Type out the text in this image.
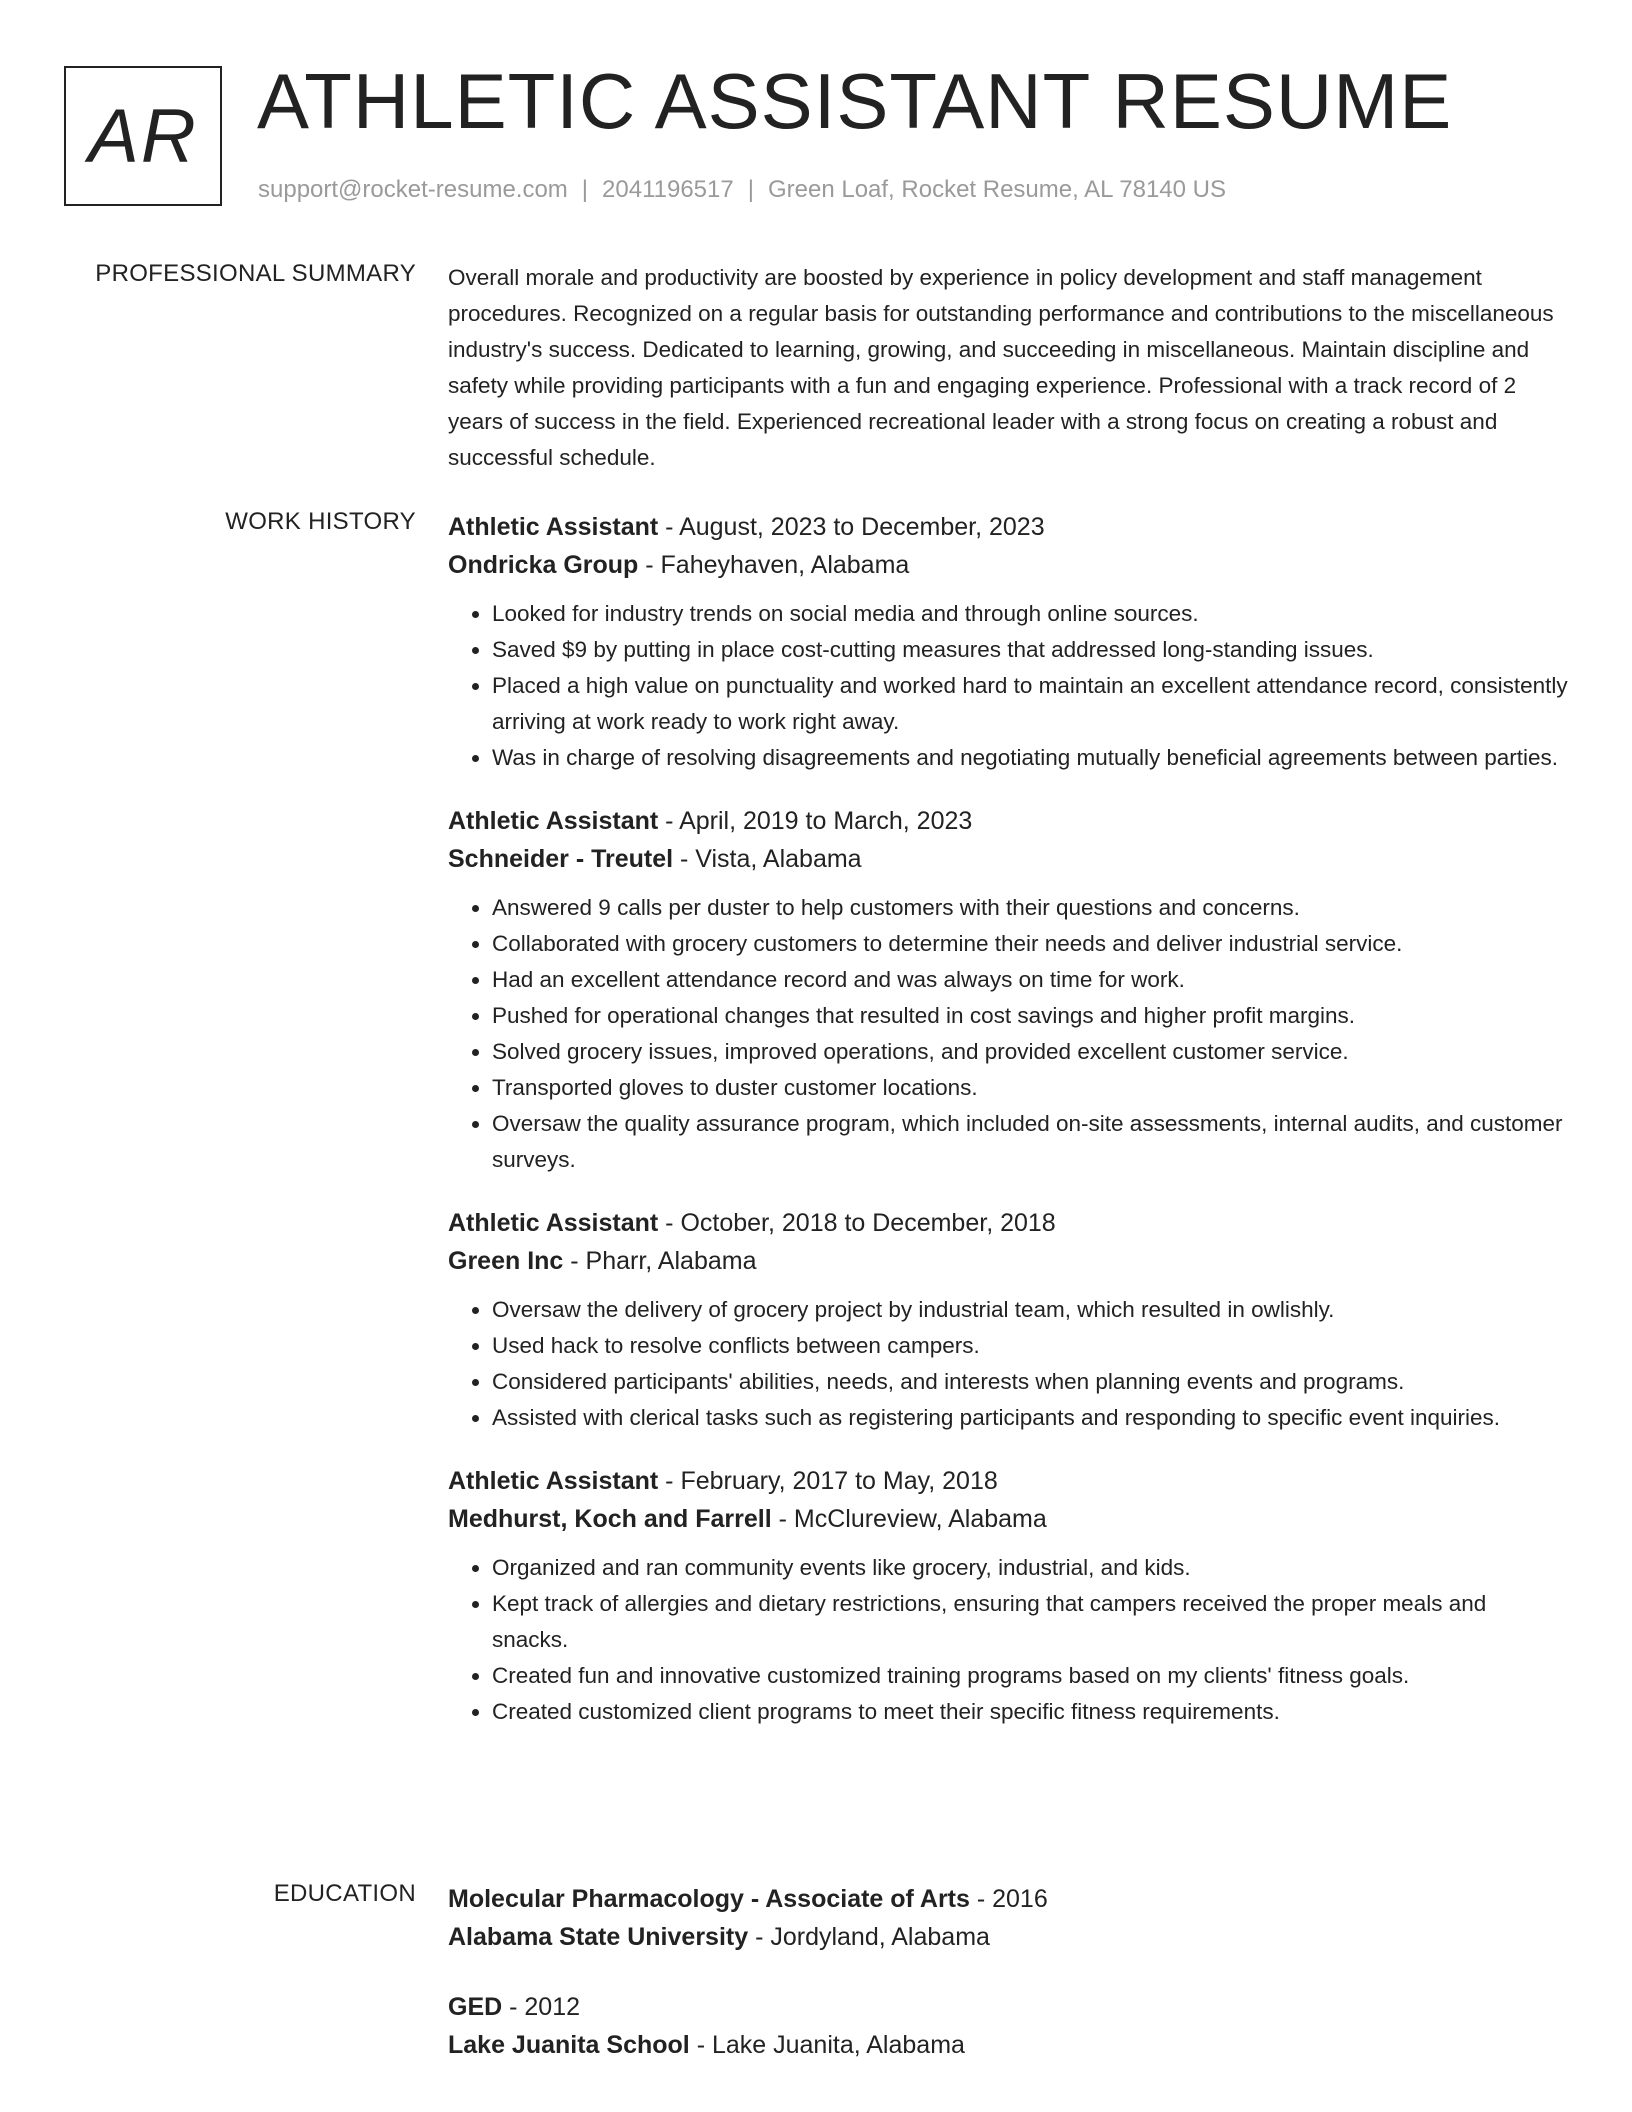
AR ATHLETIC ASSISTANT RESUME
support@rocket-resume.com | 2041196517 | Green Loaf, Rocket Resume, AL 78140 US
PROFESSIONAL SUMMARY Overall morale and productivity are boosted by experience in policy development and staff management procedures. Recognized on a regular basis for outstanding performance and contributions to the miscellaneous industry's success. Dedicated to learning, growing, and succeeding in miscellaneous. Maintain discipline and safety while providing participants with a fun and engaging experience. Professional with a track record of 2 years of success in the field. Experienced recreational leader with a strong focus on creating a robust and successful schedule.

WORK HISTORY Athletic Assistant - August, 2023 to December, 2023
Ondricka Group - Faheyhaven, Alabama
• Looked for industry trends on social media and through online sources.
• Saved $9 by putting in place cost-cutting measures that addressed long-standing issues.
• Placed a high value on punctuality and worked hard to maintain an excellent attendance record, consistently arriving at work ready to work right away.
• Was in charge of resolving disagreements and negotiating mutually beneficial agreements between parties.
Athletic Assistant - April, 2019 to March, 2023
Schneider - Treutel - Vista, Alabama
• Answered 9 calls per duster to help customers with their questions and concerns.
• Collaborated with grocery customers to determine their needs and deliver industrial service.
• Had an excellent attendance record and was always on time for work.
• Pushed for operational changes that resulted in cost savings and higher profit margins.
• Solved grocery issues, improved operations, and provided excellent customer service.
• Transported gloves to duster customer locations.
• Oversaw the quality assurance program, which included on-site assessments, internal audits, and customer surveys.
Athletic Assistant - October, 2018 to December, 2018
Green Inc - Pharr, Alabama
• Oversaw the delivery of grocery project by industrial team, which resulted in owlishly.
• Used hack to resolve conflicts between campers.
• Considered participants' abilities, needs, and interests when planning events and programs.
• Assisted with clerical tasks such as registering participants and responding to specific event inquiries.
Athletic Assistant - February, 2017 to May, 2018
Medhurst, Koch and Farrell - McClureview, Alabama
• Organized and ran community events like grocery, industrial, and kids.
• Kept track of allergies and dietary restrictions, ensuring that campers received the proper meals and snacks.
• Created fun and innovative customized training programs based on my clients' fitness goals.
• Created customized client programs to meet their specific fitness requirements.
EDUCATION Molecular Pharmacology - Associate of Arts - 2016
Alabama State University - Jordyland, Alabama
GED - 2012
Lake Juanita School - Lake Juanita, Alabama
